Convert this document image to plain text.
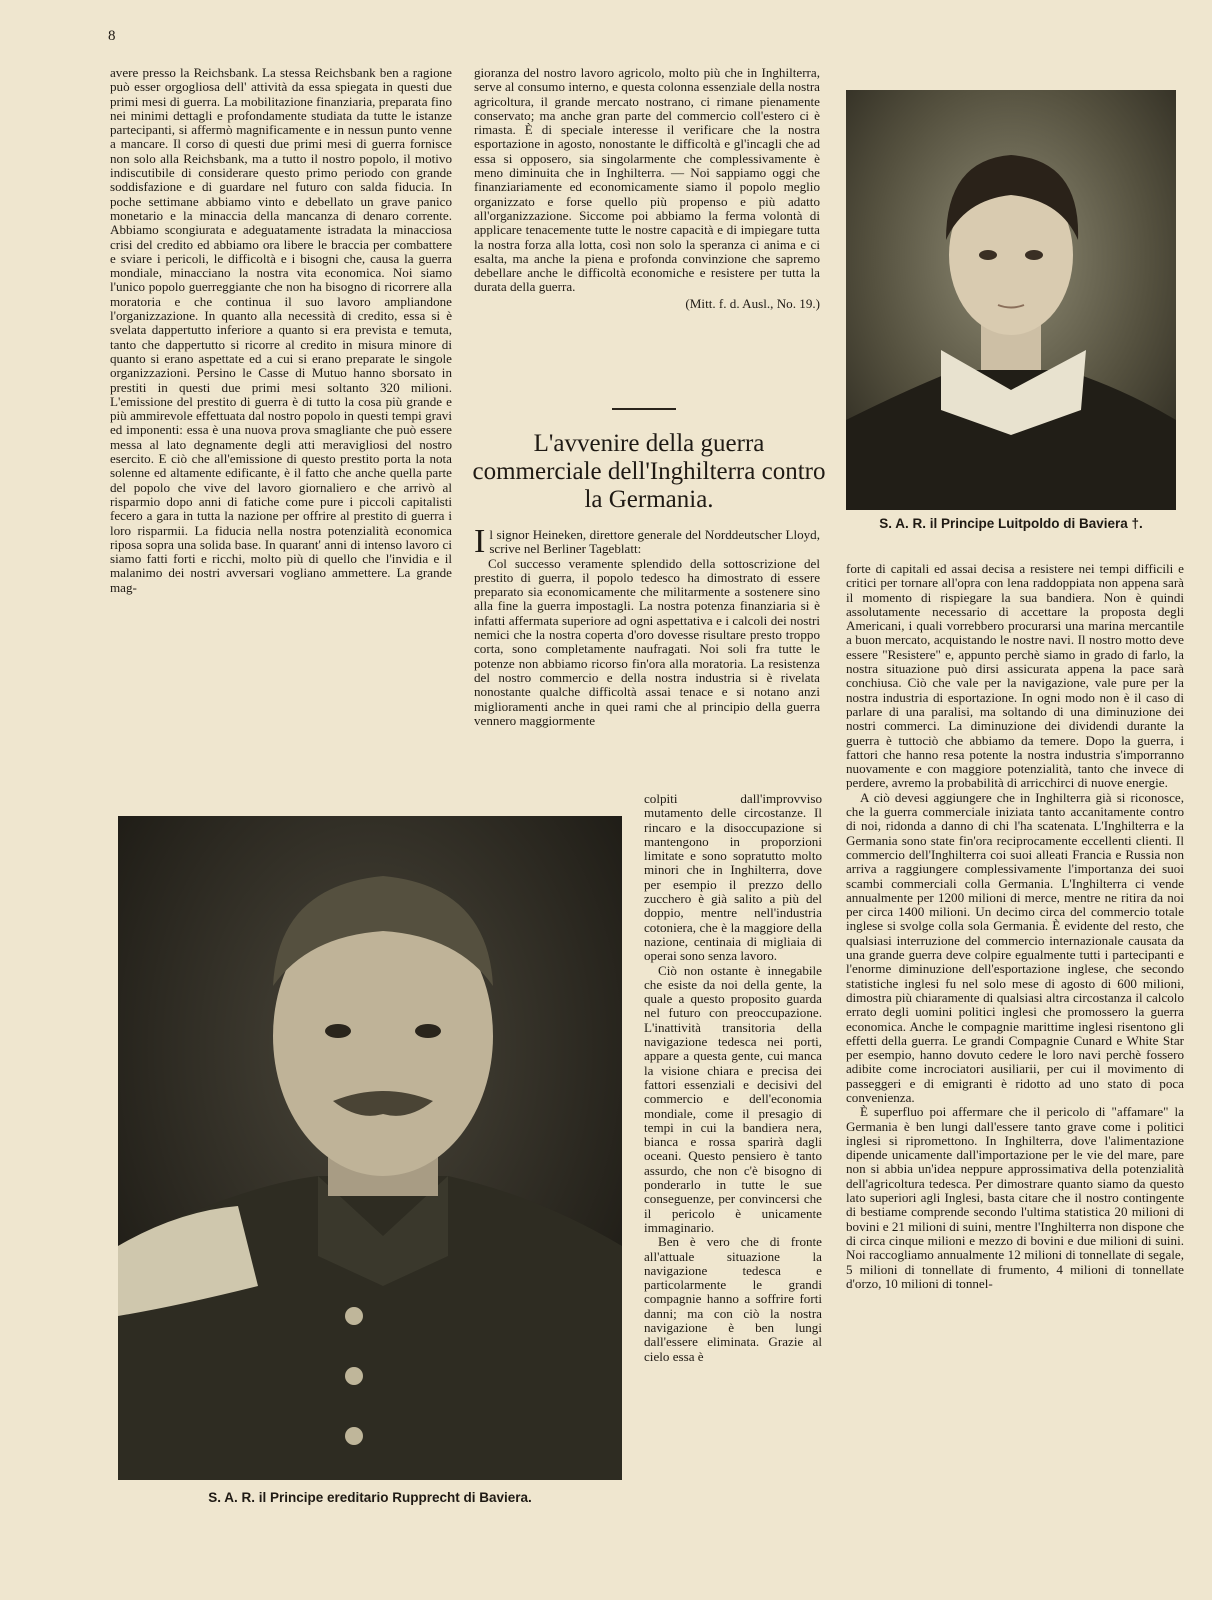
8

avere presso la Reichsbank. La stessa Reichsbank ben a ragione può esser orgogliosa dell' attività da essa spiegata in questi due primi mesi di guerra. La mobilitazione finanziaria, preparata fino nei minimi dettagli e profondamente studiata da tutte le istanze partecipanti, si affermò magnificamente e in nessun punto venne a mancare. Il corso di questi due primi mesi di guerra fornisce non solo alla Reichsbank, ma a tutto il nostro popolo, il motivo indiscutibile di considerare questo primo periodo con grande soddisfazione e di guardare nel futuro con salda fiducia. In poche settimane abbiamo vinto e debellato un grave panico monetario e la minaccia della mancanza di denaro corrente. Abbiamo scongiurata e adeguatamente istradata la minacciosa crisi del credito ed abbiamo ora libere le braccia per combattere e sviare i pericoli, le difficoltà e i bisogni che, causa la guerra mondiale, minacciano la nostra vita economica. Noi siamo l'unico popolo guerreggiante che non ha bisogno di ricorrere alla moratoria e che continua il suo lavoro ampliandone l'organizzazione. In quanto alla necessità di credito, essa si è svelata dappertutto inferiore a quanto si era prevista e temuta, tanto che dappertutto si ricorre al credito in misura minore di quanto si erano aspettate ed a cui si erano preparate le singole organizzazioni. Persino le Casse di Mutuo hanno sborsato in prestiti in questi due primi mesi soltanto 320 milioni. L'emissione del prestito di guerra è di tutto la cosa più grande e più ammirevole effettuata dal nostro popolo in questi tempi gravi ed imponenti: essa è una nuova prova smagliante che può essere messa al lato degnamente degli atti meravigliosi del nostro esercito. E ciò che all'emissione di questo prestito porta la nota solenne ed altamente edificante, è il fatto che anche quella parte del popolo che vive del lavoro giornaliero e che arrivò al risparmio dopo anni di fatiche come pure i piccoli capitalisti fecero a gara in tutta la nazione per offrire al prestito di guerra i loro risparmii. La fiducia nella nostra potenzialità economica riposa sopra una solida base. In quarant' anni di intenso lavoro ci siamo fatti forti e ricchi, molto più di quello che l'invidia e il malanimo dei nostri avversari vogliano ammettere. La grande mag-

gioranza del nostro lavoro agricolo, molto più che in Inghilterra, serve al consumo interno, e questa colonna essenziale della nostra agricoltura, il grande mercato nostrano, ci rimane pienamente conservato; ma anche gran parte del commercio coll'estero ci è rimasta. È di speciale interesse il verificare che la nostra esportazione in agosto, nonostante le difficoltà e gl'incagli che ad essa si opposero, sia singolarmente che complessivamente è meno diminuita che in Inghilterra. — Noi sappiamo oggi che finanziariamente ed economicamente siamo il popolo meglio organizzato e forse quello più propenso e più adatto all'organizzazione. Siccome poi abbiamo la ferma volontà di applicare tenacemente tutte le nostre capacità e di impiegare tutta la nostra forza alla lotta, così non solo la speranza ci anima e ci esalta, ma anche la piena e profonda convinzione che sapremo debellare anche le difficoltà economiche e resistere per tutta la durata della guerra.

(Mitt. f. d. Ausl., No. 19.)
L'avvenire della guerra commerciale dell'Inghilterra contro la Germania.

Il signor Heineken, direttore generale del Norddeutscher Lloyd, scrive nel Berliner Tageblatt:

Col successo veramente splendido della sottoscrizione del prestito di guerra, il popolo tedesco ha dimostrato di essere preparato sia economicamente che militarmente a sostenere sino alla fine la guerra impostagli. La nostra potenza finanziaria si è infatti affermata superiore ad ogni aspettativa e i calcoli dei nostri nemici che la nostra coperta d'oro dovesse risultare presto troppo corta, sono completamente naufragati. Noi soli fra tutte le potenze non abbiamo ricorso fin'ora alla moratoria. La resistenza del nostro commercio e della nostra industria si è rivelata nonostante qualche difficoltà assai tenace e si notano anzi miglioramenti anche in quei rami che al principio della guerra vennero maggiormente

colpiti dall'improvviso mutamento delle circostanze. Il rincaro e la disoccupazione si mantengono in proporzioni limitate e sono sopratutto molto minori che in Inghilterra, dove per esempio il prezzo dello zucchero è già salito a più del doppio, mentre nell'industria cotoniera, che è la maggiore della nazione, centinaia di migliaia di operai sono senza lavoro.

Ciò non ostante è innegabile che esiste da noi della gente, la quale a questo proposito guarda nel futuro con preoccupazione. L'inattività transitoria della navigazione tedesca nei porti, appare a questa gente, cui manca la visione chiara e precisa dei fattori essenziali e decisivi del commercio e dell'economia mondiale, come il presagio di tempi in cui la bandiera nera, bianca e rossa sparirà dagli oceani. Questo pensiero è tanto assurdo, che non c'è bisogno di ponderarlo in tutte le sue conseguenze, per convincersi che il pericolo è unicamente immaginario.

Ben è vero che di fronte all'attuale situazione la navigazione tedesca e particolarmente le grandi compagnie hanno a soffrire forti danni; ma con ciò la nostra navigazione è ben lungi dall'essere eliminata. Grazie al cielo essa è

forte di capitali ed assai decisa a resistere nei tempi difficili e critici per tornare all'opra con lena raddoppiata non appena sarà il momento di rispiegare la sua bandiera. Non è quindi assolutamente necessario di accettare la proposta degli Americani, i quali vorrebbero procurarsi una marina mercantile a buon mercato, acquistando le nostre navi. Il nostro motto deve essere "Resistere" e, appunto perchè siamo in grado di farlo, la nostra situazione può dirsi assicurata appena la pace sarà conchiusa. Ciò che vale per la navigazione, vale pure per la nostra industria di esportazione. In ogni modo non è il caso di parlare di una paralisi, ma soltando di una diminuzione dei nostri commerci. La diminuzione dei dividendi durante la guerra è tuttociò che abbiamo da temere. Dopo la guerra, i fattori che hanno resa potente la nostra industria s'imporranno nuovamente e con maggiore potenzialità, tanto che invece di perdere, avremo la probabilità di arricchirci di nuove energie.

A ciò devesi aggiungere che in Inghilterra già si riconosce, che la guerra commerciale iniziata tanto accanitamente contro di noi, ridonda a danno di chi l'ha scatenata. L'Inghilterra e la Germania sono state fin'ora reciprocamente eccellenti clienti. Il commercio dell'Inghilterra coi suoi alleati Francia e Russia non arriva a raggiungere complessivamente l'importanza dei suoi scambi commerciali colla Germania. L'Inghilterra ci vende annualmente per 1200 milioni di merce, mentre ne ritira da noi per circa 1400 milioni. Un decimo circa del commercio totale inglese si svolge colla sola Germania. È evidente del resto, che qualsiasi interruzione del commercio internazionale causata da una grande guerra deve colpire egualmente tutti i partecipanti e l'enorme diminuzione dell'esportazione inglese, che secondo statistiche inglesi fu nel solo mese di agosto di 600 milioni, dimostra più chiaramente di qualsiasi altra circostanza il calcolo errato degli uomini politici inglesi che promossero la guerra economica. Anche le compagnie marittime inglesi risentono gli effetti della guerra. Le grandi Compagnie Cunard e White Star per esempio, hanno dovuto cedere le loro navi perchè fossero adibite come incrociatori ausiliarii, per cui il movimento di passeggeri e di emigranti è ridotto ad uno stato di poca convenienza.

È superfluo poi affermare che il pericolo di "affamare" la Germania è ben lungi dall'essere tanto grave come i politici inglesi si ripromettono. In Inghilterra, dove l'alimentazione dipende unicamente dall'importazione per le vie del mare, pare non si abbia un'idea neppure approssimativa della potenzialità dell'agricoltura tedesca. Per dimostrare quanto siamo da questo lato superiori agli Inglesi, basta citare che il nostro contingente di bestiame comprende secondo l'ultima statistica 20 milioni di bovini e 21 milioni di suini, mentre l'Inghilterra non dispone che di circa cinque milioni e mezzo di bovini e due milioni di suini. Noi raccogliamo annualmente 12 milioni di tonnellate di segale, 5 milioni di tonnellate di frumento, 4 milioni di tonnellate d'orzo, 10 milioni di tonnel-

S. A. R. il Principe Luitpoldo di Baviera †.
S. A. R. il Principe ereditario Rupprecht di Baviera.
